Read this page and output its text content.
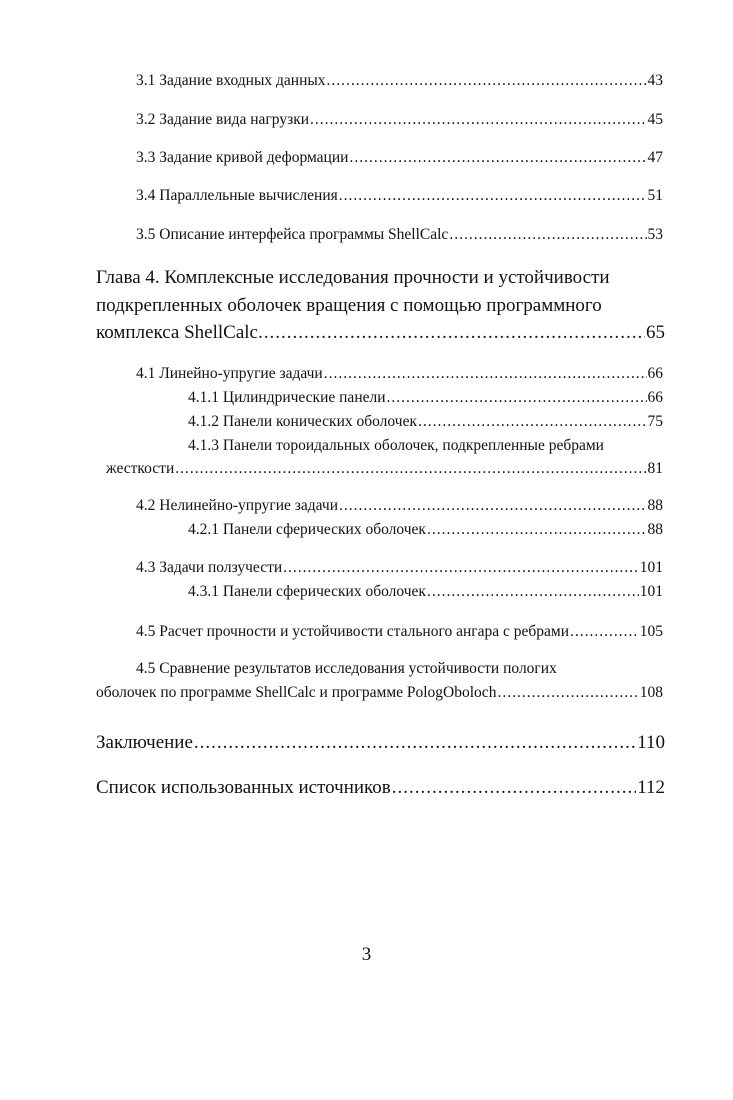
3.1 Задание входных данных .....	43
3.2 Задание вида нагрузки .....	45
3.3 Задание кривой деформации .....	47
3.4 Параллельные вычисления .....	51
3.5 Описание интерфейса программы ShellCalc .....	53
Глава 4. Комплексные исследования прочности и устойчивости
подкрепленных оболочек вращения с помощью программного
комплекса ShellCalc. .....	65
4.1 Линейно-упругие задачи .....	66
4.1.1 Цилиндрические панели .....	66
4.1.2 Панели конических оболочек .....	75
4.1.3 Панели тороидальных оболочек, подкрепленные ребрами
жесткости .....	81
4.2 Нелинейно-упругие задачи .....	88
4.2.1 Панели сферических оболочек .....	88
4.3 Задачи ползучести .....	101
4.3.1 Панели сферических оболочек .....	101
4.5 Расчет прочности и устойчивости стального ангара с ребрами .....	105
4.5 Сравнение результатов исследования устойчивости пологих
оболочек по программе ShellCalc и программе PologOboloch .....	108
Заключение .....	110
Список использованных источников .....	112
3
